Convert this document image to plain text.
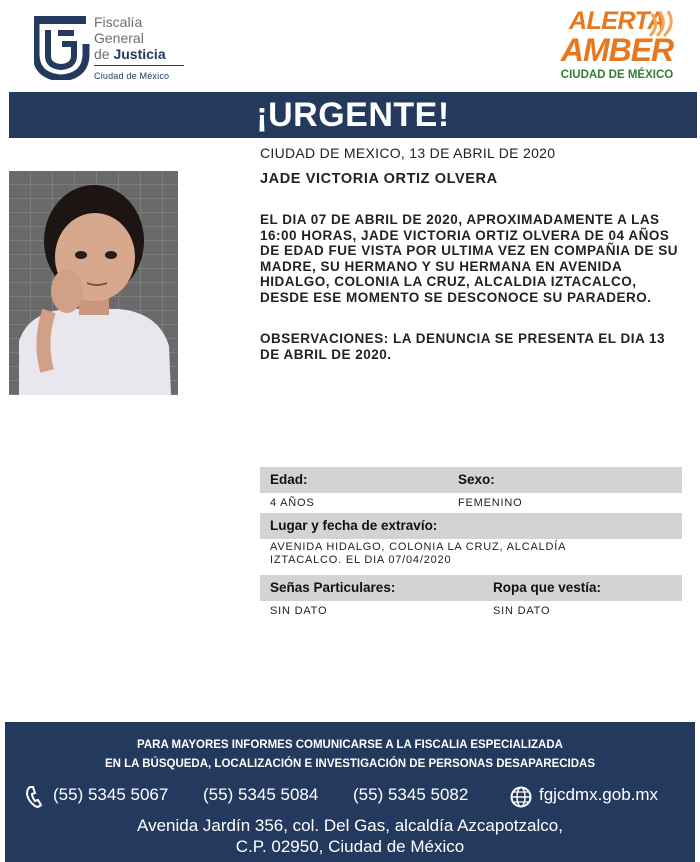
Fiscalía
General
de Justicia
Ciudad de México
ALERTA
AMBER
CIUDAD DE MÉXICO
¡URGENTE!
CIUDAD DE MEXICO, 13 DE ABRIL DE 2020
JADE VICTORIA ORTIZ OLVERA
EL DIA 07 DE ABRIL DE 2020, APROXIMADAMENTE A LAS 16:00 HORAS, JADE VICTORIA ORTIZ OLVERA DE 04 AÑOS DE EDAD FUE VISTA POR ULTIMA VEZ EN COMPAÑIA DE SU MADRE, SU HERMANO Y SU HERMANA EN AVENIDA HIDALGO, COLONIA LA CRUZ, ALCALDIA IZTACALCO, DESDE ESE MOMENTO SE DESCONOCE SU PARADERO.
OBSERVACIONES: LA DENUNCIA SE PRESENTA EL DIA 13 DE ABRIL DE 2020.
Edad:	Sexo:
4 AÑOS	FEMENINO
Lugar y fecha de extravío:
AVENIDA HIDALGO, COLONIA LA CRUZ, ALCALDÍA
IZTACALCO. EL DIA 07/04/2020
Señas Particulares:	Ropa que vestía:
SIN DATO	SIN DATO
PARA MAYORES INFORMES COMUNICARSE A LA FISCALIA ESPECIALIZADA
EN LA BÚSQUEDA, LOCALIZACIÓN E INVESTIGACIÓN DE PERSONAS DESAPARECIDAS
(55) 5345 5067 (55) 5345 5084 (55) 5345 5082	fgjcdmx.gob.mx
Avenida Jardín 356, col. Del Gas, alcaldía Azcapotzalco,
C.P. 02950, Ciudad de México
